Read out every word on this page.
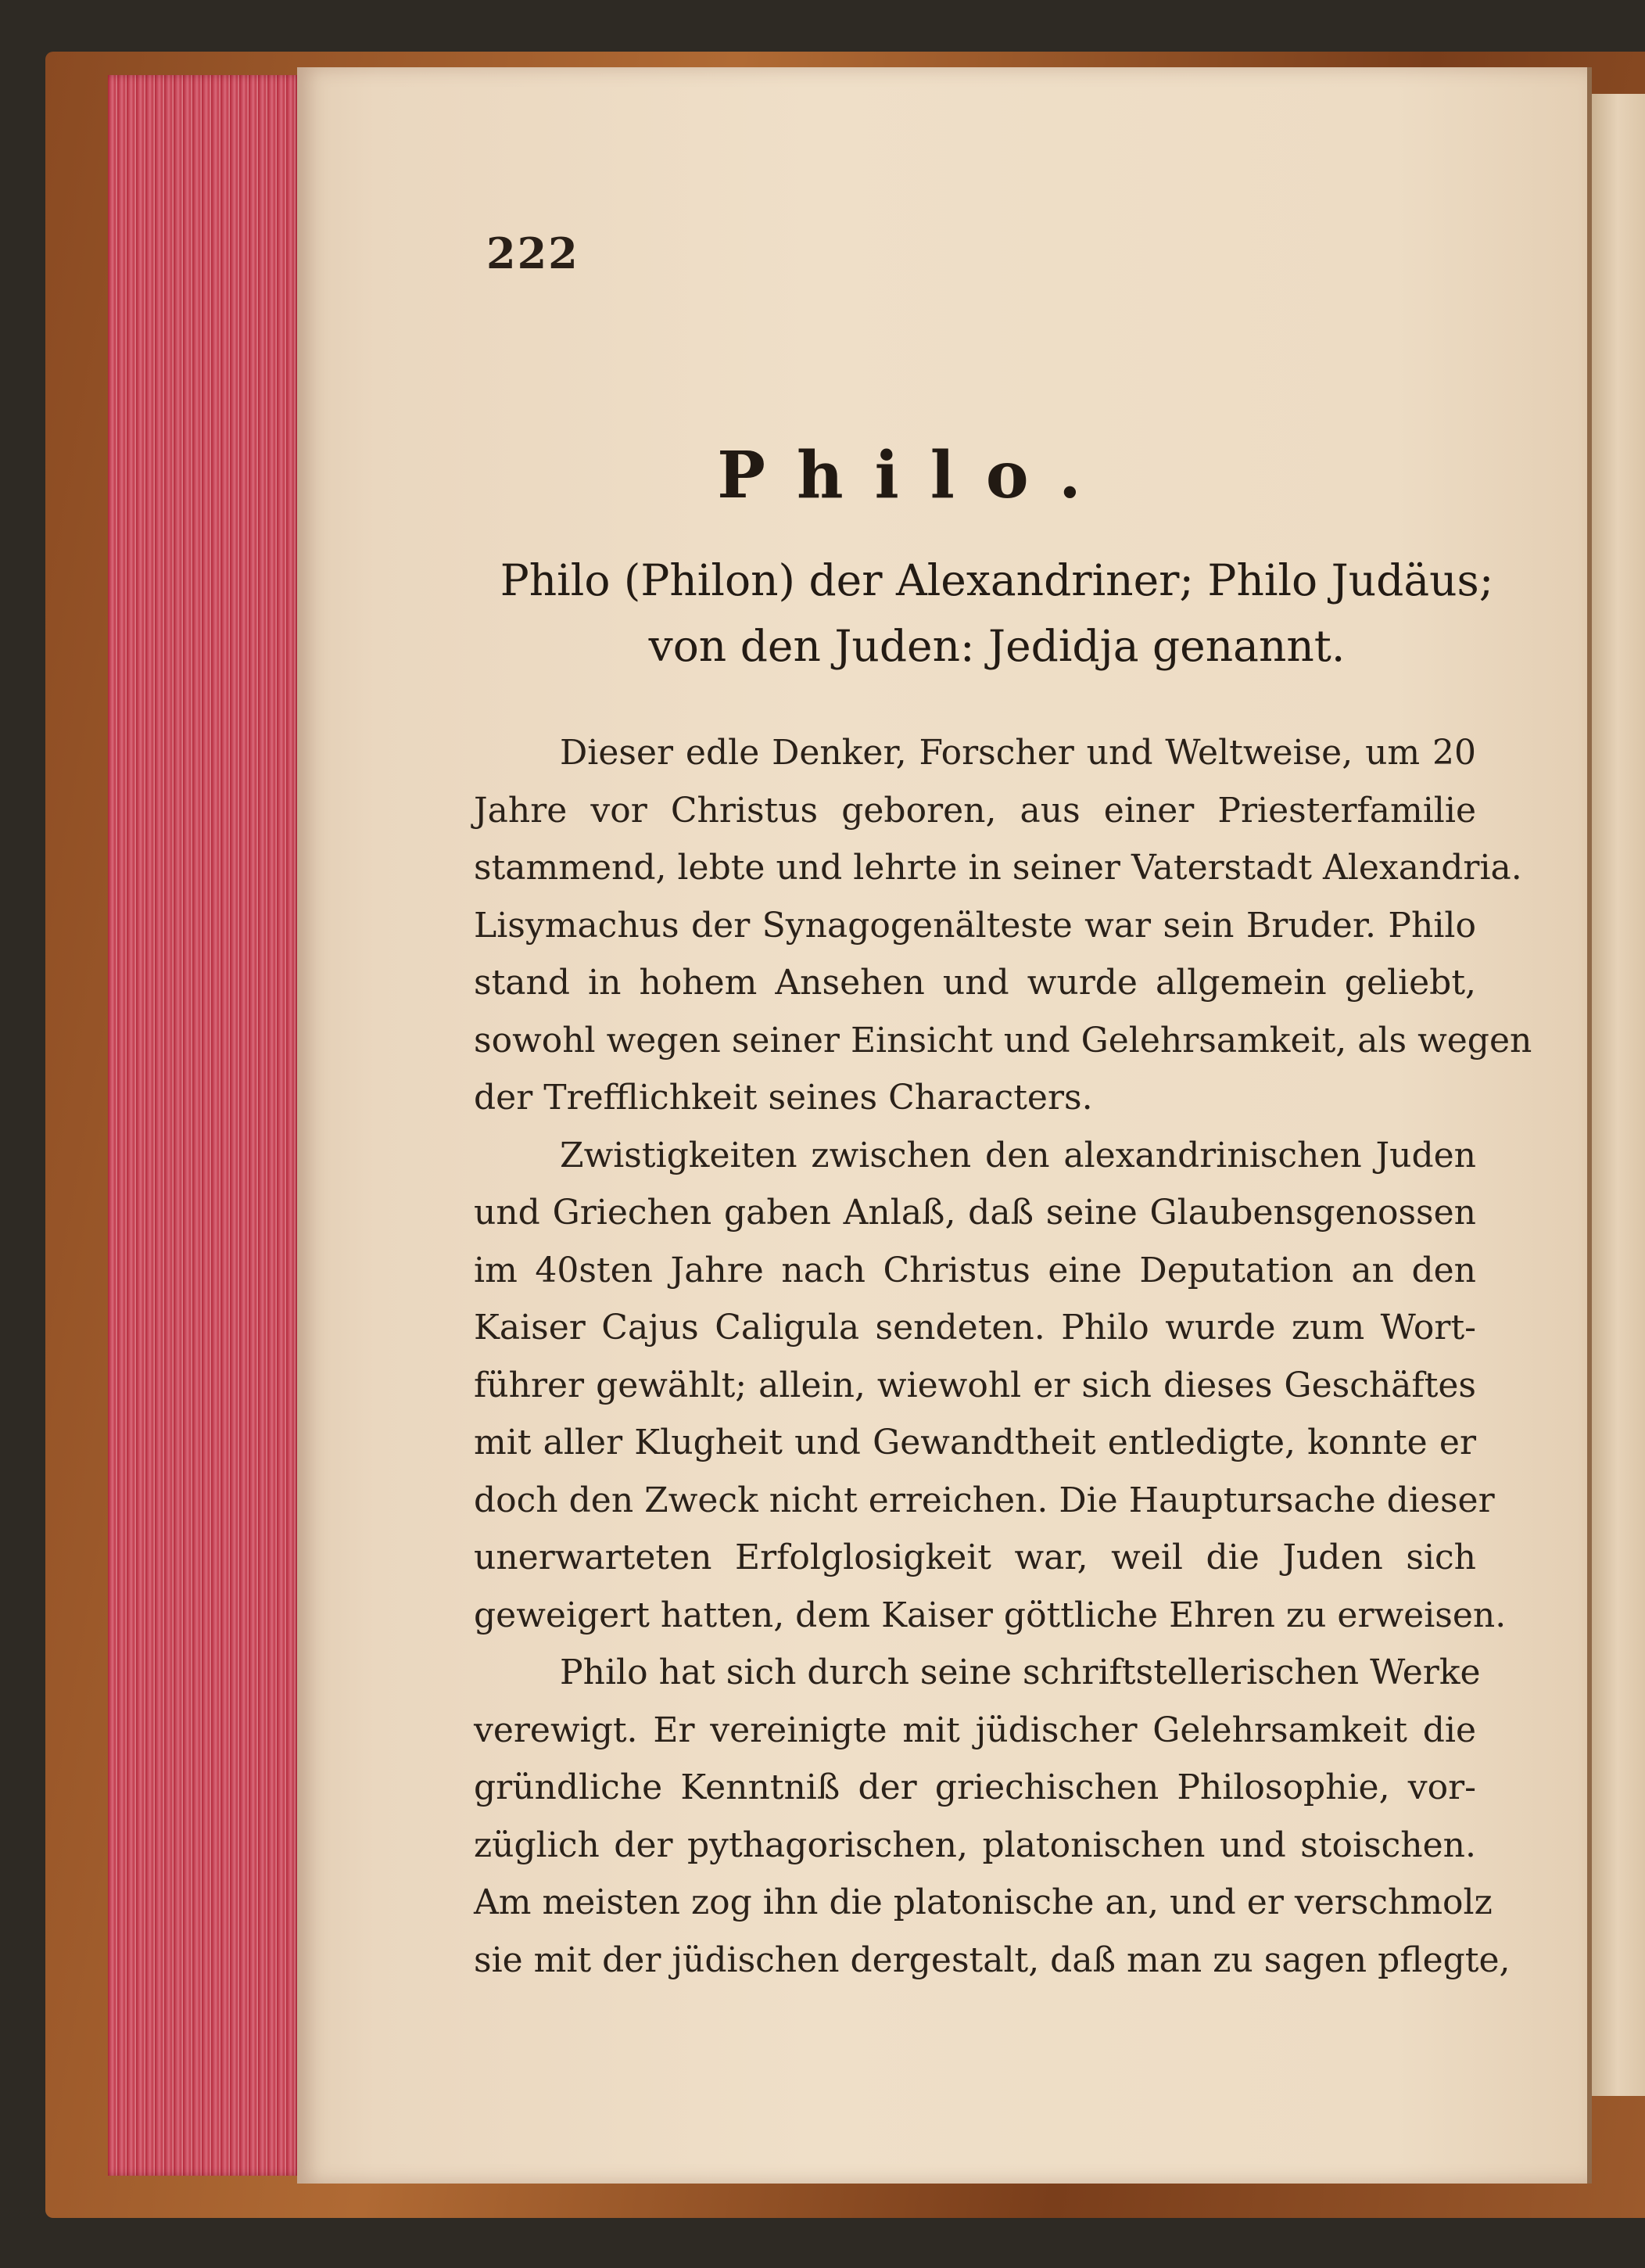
222

Philo.
Philo (Philon) der Alexandriner; Philo Judäus;
von den Juden: Jedidja genannt.
Dieser edle Denker, Forscher und Weltweise, um 20
Jahre vor Christus geboren, aus einer Priesterfamilie
stammend, lebte und lehrte in seiner Vaterstadt Alexandria.
Lisymachus der Synagogenälteste war sein Bruder. Philo
stand in hohem Ansehen und wurde allgemein geliebt,
sowohl wegen seiner Einsicht und Gelehrsamkeit, als wegen
der Trefflichkeit seines Characters.
Zwistigkeiten zwischen den alexandrinischen Juden
und Griechen gaben Anlaß, daß seine Glaubensgenossen
im 40sten Jahre nach Christus eine Deputation an den
Kaiser Cajus Caligula sendeten. Philo wurde zum Wort-
führer gewählt; allein, wiewohl er sich dieses Geschäftes
mit aller Klugheit und Gewandtheit entledigte, konnte er
doch den Zweck nicht erreichen. Die Hauptursache dieser
unerwarteten Erfolglosigkeit war, weil die Juden sich
geweigert hatten, dem Kaiser göttliche Ehren zu erweisen.
Philo hat sich durch seine schriftstellerischen Werke
verewigt. Er vereinigte mit jüdischer Gelehrsamkeit die
gründliche Kenntniß der griechischen Philosophie, vor-
züglich der pythagorischen, platonischen und stoischen.
Am meisten zog ihn die platonische an, und er verschmolz
sie mit der jüdischen dergestalt, daß man zu sagen pflegte,
